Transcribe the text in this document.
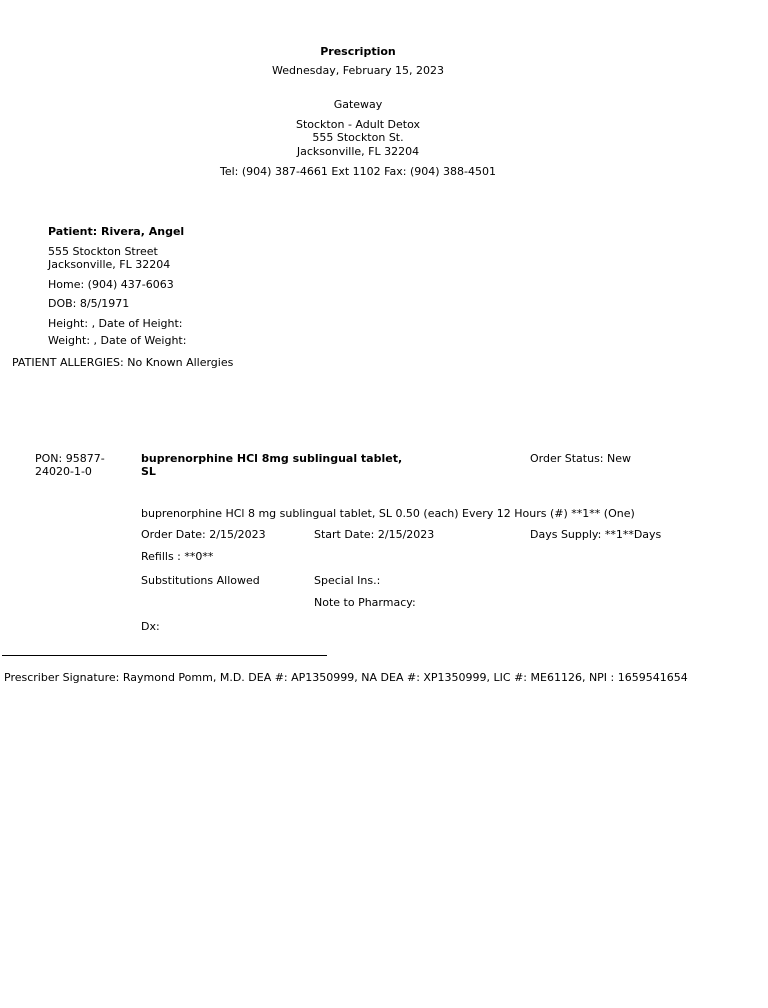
Prescription
Wednesday, February 15, 2023
Gateway
Stockton - Adult Detox
555 Stockton St.
Jacksonville, FL 32204
Tel: (904) 387-4661 Ext 1102 Fax: (904) 388-4501
Patient: Rivera, Angel
555 Stockton Street
Jacksonville, FL 32204
Home: (904) 437-6063
DOB: 8/5/1971
Height: , Date of Height:
Weight: , Date of Weight:
PATIENT ALLERGIES: No Known Allergies
PON: 95877-
24020-1-0
buprenorphine HCl 8mg sublingual tablet,
SL
Order Status: New
buprenorphine HCl 8 mg sublingual tablet, SL 0.50 (each) Every 12 Hours (#) **1** (One)
Order Date: 2/15/2023	Start Date: 2/15/2023	Days Supply: **1**Days
Refills : **0**
Substitutions Allowed	Special Ins.:
Note to Pharmacy:
Dx:
Prescriber Signature: Raymond Pomm, M.D. DEA #: AP1350999, NA DEA #: XP1350999, LIC #: ME61126, NPI : 1659541654
